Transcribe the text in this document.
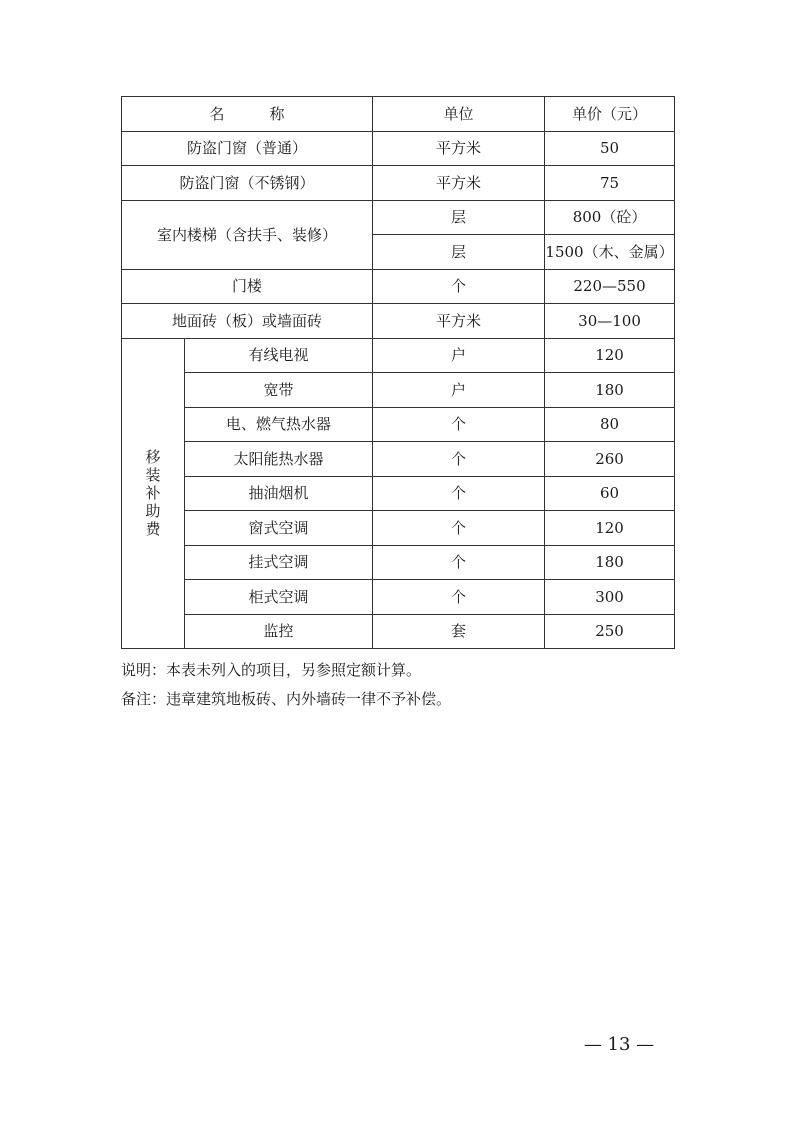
名　　　称		单位	单价（元）
防盗门窗（普通）		平方米	50
防盗门窗（不锈钢）		平方米	75
室内楼梯（含扶手、装修）		层	800（砼）
		层	1500（木、金属）
门楼		个	220—550
地面砖（板）或墙面砖		平方米	30—100

移
装
补
助
费	有线电视	户	120
	宽带	户	180
	电、燃气热水器	个	80
	太阳能热水器	个	260
	抽油烟机	个	60
	窗式空调	个	120
	挂式空调	个	180
	柜式空调	个	300
	监控	套	250

说明：本表未列入的项目，另参照定额计算。

备注：违章建筑地板砖、内外墙砖一律不予补偿。

— 13 —
